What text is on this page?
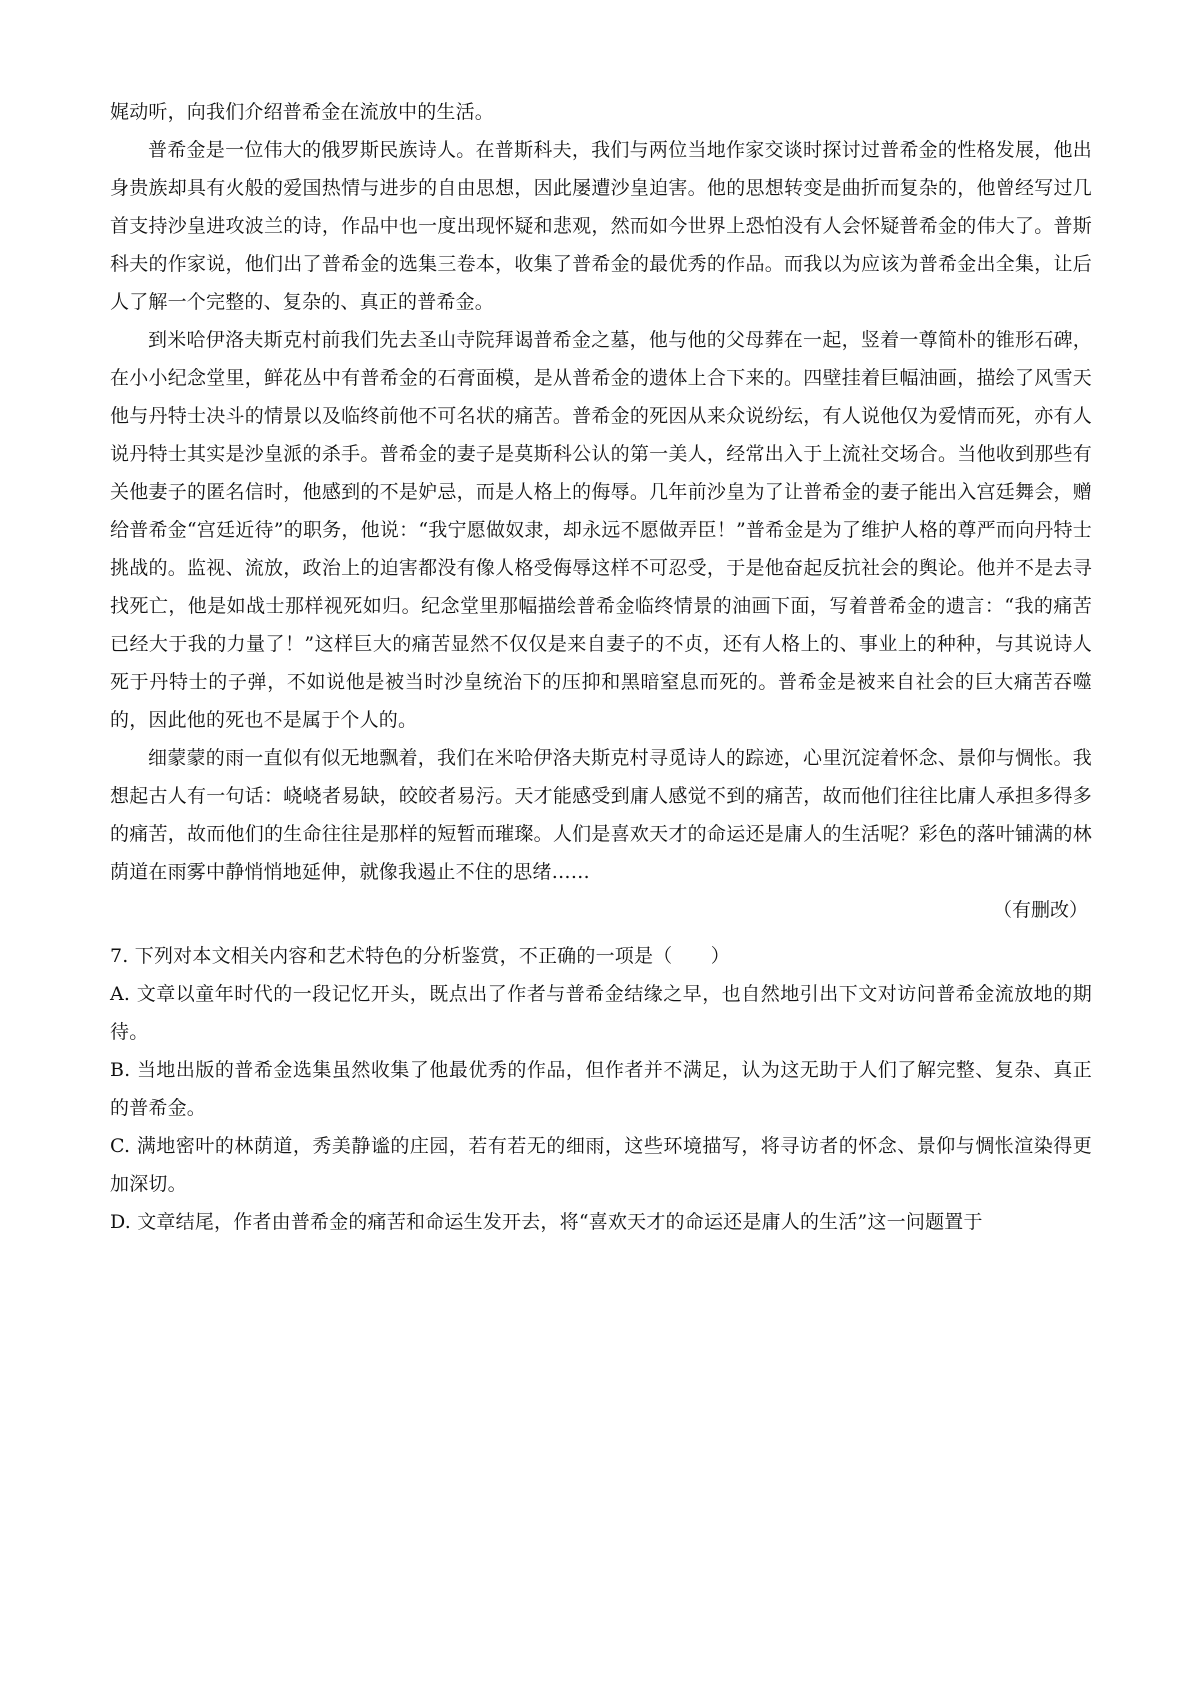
娓动听，向我们介绍普希金在流放中的生活。

普希金是一位伟大的俄罗斯民族诗人。在普斯科夫，我们与两位当地作家交谈时探讨过普希金的性格发展，他出身贵族却具有火般的爱国热情与进步的自由思想，因此屡遭沙皇迫害。他的思想转变是曲折而复杂的，他曾经写过几首支持沙皇进攻波兰的诗，作品中也一度出现怀疑和悲观，然而如今世界上恐怕没有人会怀疑普希金的伟大了。普斯科夫的作家说，他们出了普希金的选集三卷本，收集了普希金的最优秀的作品。而我以为应该为普希金出全集，让后人了解一个完整的、复杂的、真正的普希金。

到米哈伊洛夫斯克村前我们先去圣山寺院拜谒普希金之墓，他与他的父母葬在一起，竖着一尊简朴的锥形石碑，在小小纪念堂里，鲜花丛中有普希金的石膏面模，是从普希金的遗体上合下来的。四壁挂着巨幅油画，描绘了风雪天他与丹特士决斗的情景以及临终前他不可名状的痛苦。普希金的死因从来众说纷纭，有人说他仅为爱情而死，亦有人说丹特士其实是沙皇派的杀手。普希金的妻子是莫斯科公认的第一美人，经常出入于上流社交场合。当他收到那些有关他妻子的匿名信时，他感到的不是妒忌，而是人格上的侮辱。几年前沙皇为了让普希金的妻子能出入宫廷舞会，赠给普希金“宫廷近待”的职务，他说：“我宁愿做奴隶，却永远不愿做弄臣！”普希金是为了维护人格的尊严而向丹特士挑战的。监视、流放，政治上的迫害都没有像人格受侮辱这样不可忍受，于是他奋起反抗社会的舆论。他并不是去寻找死亡，他是如战士那样视死如归。纪念堂里那幅描绘普希金临终情景的油画下面，写着普希金的遗言：“我的痛苦已经大于我的力量了！”这样巨大的痛苦显然不仅仅是来自妻子的不贞，还有人格上的、事业上的种种，与其说诗人死于丹特士的子弹，不如说他是被当时沙皇统治下的压抑和黑暗窒息而死的。普希金是被来自社会的巨大痛苦吞噬的，因此他的死也不是属于个人的。

细蒙蒙的雨一直似有似无地飘着，我们在米哈伊洛夫斯克村寻觅诗人的踪迹，心里沉淀着怀念、景仰与惆怅。我想起古人有一句话：峣峣者易缺，皎皎者易污。天才能感受到庸人感觉不到的痛苦，故而他们往往比庸人承担多得多的痛苦，故而他们的生命往往是那样的短暂而璀璨。人们是喜欢天才的命运还是庸人的生活呢？彩色的落叶铺满的林荫道在雨雾中静悄悄地延伸，就像我遏止不住的思绪……

（有删改）

7. 下列对本文相关内容和艺术特色的分析鉴赏，不正确的一项是（　　）

A. 文章以童年时代的一段记忆开头，既点出了作者与普希金结缘之早，也自然地引出下文对访问普希金流放地的期待。

B. 当地出版的普希金选集虽然收集了他最优秀的作品，但作者并不满足，认为这无助于人们了解完整、复杂、真正的普希金。

C. 满地密叶的林荫道，秀美静谧的庄园，若有若无的细雨，这些环境描写，将寻访者的怀念、景仰与惆怅渲染得更加深切。

D. 文章结尾，作者由普希金的痛苦和命运生发开去，将“喜欢天才的命运还是庸人的生活”这一问题置于
